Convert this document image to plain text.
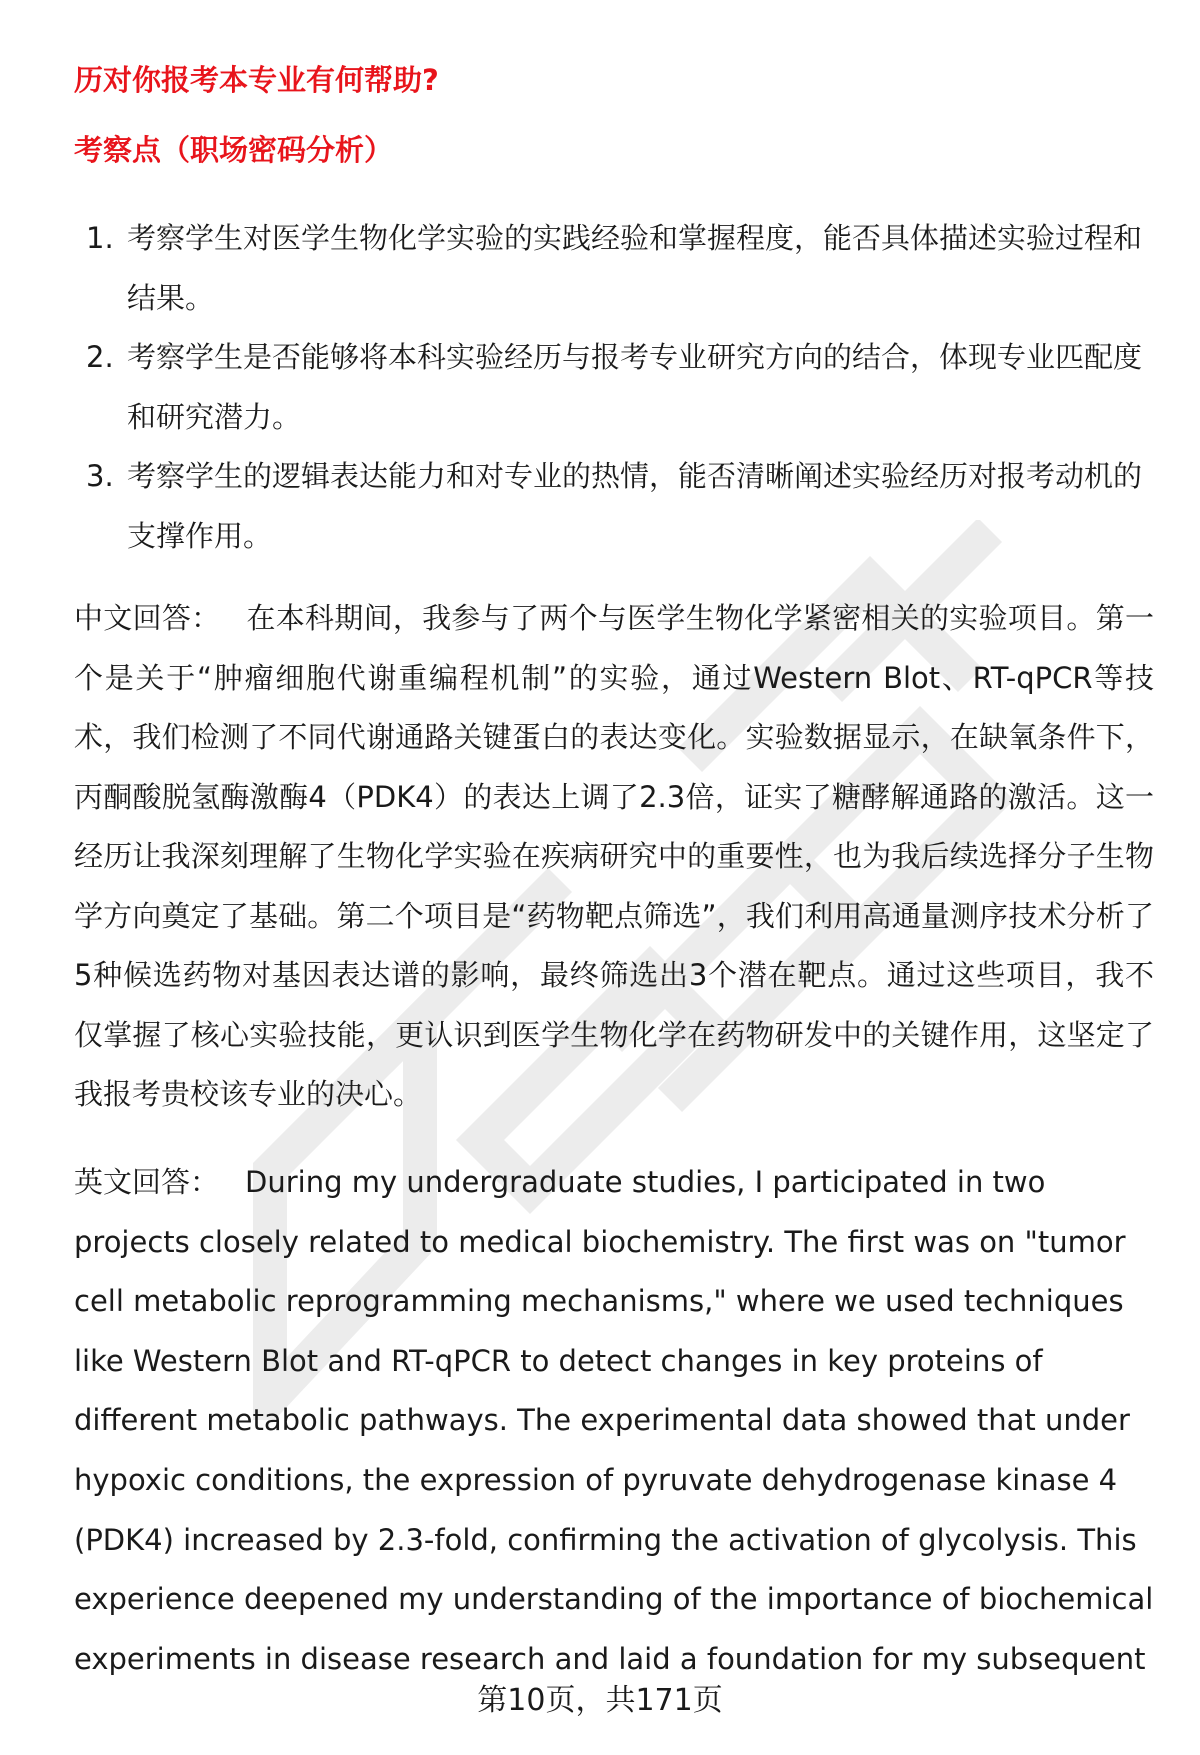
历对你报考本专业有何帮助?
考察点（职场密码分析）
1. 考察学生对医学生物化学实验的实践经验和掌握程度，能否具体描述实验过程和结果。
2. 考察学生是否能够将本科实验经历与报考专业研究方向的结合，体现专业匹配度和研究潜力。
3. 考察学生的逻辑表达能力和对专业的热情，能否清晰阐述实验经历对报考动机的支撑作用。

中文回答： 在本科期间，我参与了两个与医学生物化学紧密相关的实验项目。第一个是关于“肿瘤细胞代谢重编程机制”的实验，通过Western Blot、RT-qPCR等技术，我们检测了不同代谢通路关键蛋白的表达变化。实验数据显示，在缺氧条件下，丙酮酸脱氢酶激酶4（PDK4）的表达上调了2.3倍，证实了糖酵解通路的激活。这一经历让我深刻理解了生物化学实验在疾病研究中的重要性，也为我后续选择分子生物学方向奠定了基础。第二个项目是“药物靶点筛选”，我们利用高通量测序技术分析了5种候选药物对基因表达谱的影响，最终筛选出3个潜在靶点。通过这些项目，我不仅掌握了核心实验技能，更认识到医学生物化学在药物研发中的关键作用，这坚定了我报考贵校该专业的决心。

英文回答： During my undergraduate studies, I participated in two projects closely related to medical biochemistry. The first was on "tumor cell metabolic reprogramming mechanisms," where we used techniques like Western Blot and RT-qPCR to detect changes in key proteins of different metabolic pathways. The experimental data showed that under hypoxic conditions, the expression of pyruvate dehydrogenase kinase 4 (PDK4) increased by 2.3-fold, confirming the activation of glycolysis. This experience deepened my understanding of the importance of biochemical experiments in disease research and laid a foundation for my subsequent

第10页，共171页
